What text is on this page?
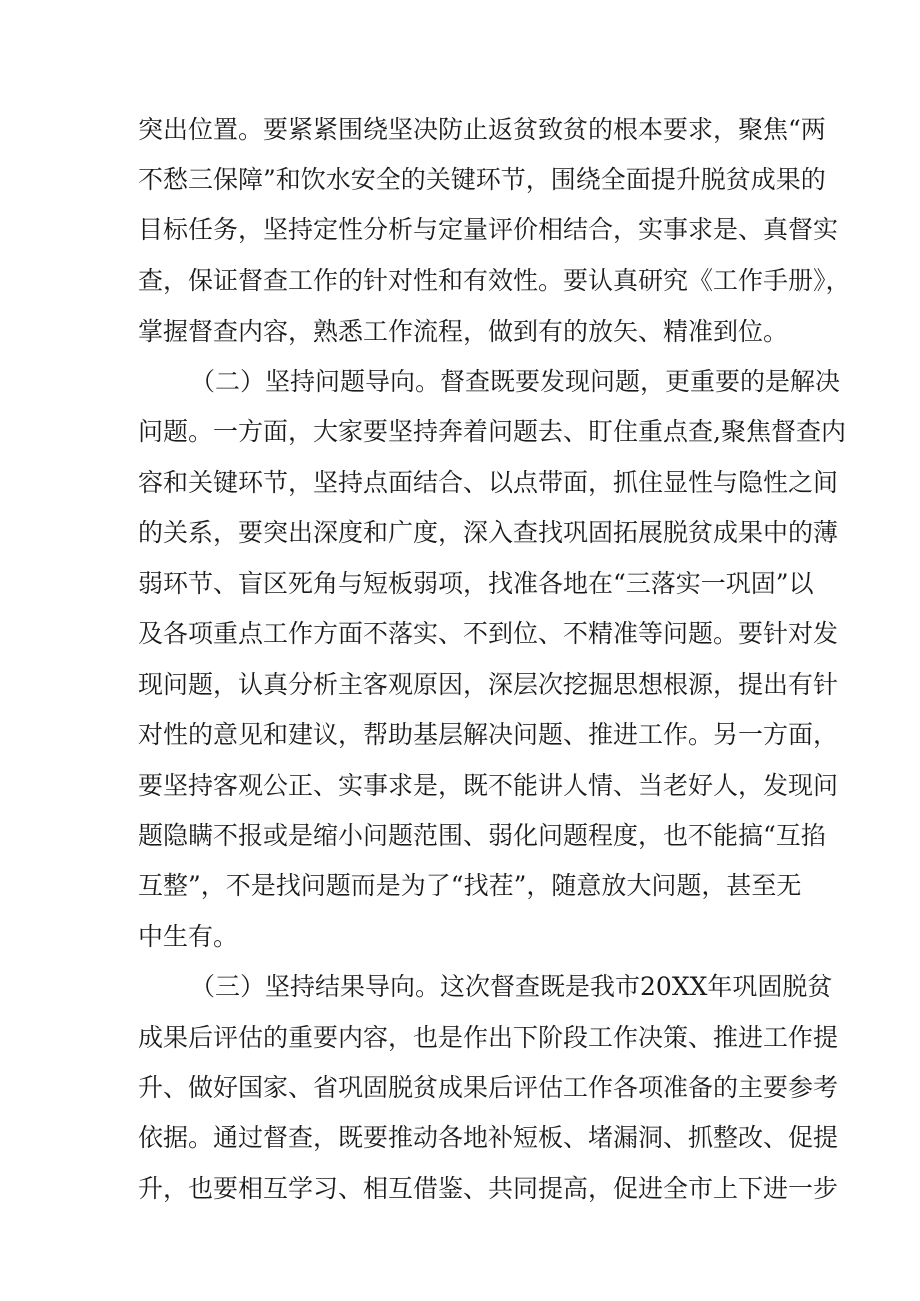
突出位置。要紧紧围绕坚决防止返贫致贫的根本要求，聚焦“两
不愁三保障”和饮水安全的关键环节，围绕全面提升脱贫成果的
目标任务，坚持定性分析与定量评价相结合，实事求是、真督实
查，保证督查工作的针对性和有效性。要认真研究《工作手册》，
掌握督查内容，熟悉工作流程，做到有的放矢、精准到位。
（二）坚持问题导向。督查既要发现问题，更重要的是解决
问题。一方面，大家要坚持奔着问题去、盯住重点查,聚焦督查内
容和关键环节，坚持点面结合、以点带面，抓住显性与隐性之间
的关系，要突出深度和广度，深入查找巩固拓展脱贫成果中的薄
弱环节、盲区死角与短板弱项，找准各地在“三落实一巩固”以
及各项重点工作方面不落实、不到位、不精准等问题。要针对发
现问题，认真分析主客观原因，深层次挖掘思想根源，提出有针
对性的意见和建议，帮助基层解决问题、推进工作。另一方面，
要坚持客观公正、实事求是，既不能讲人情、当老好人，发现问
题隐瞒不报或是缩小问题范围、弱化问题程度，也不能搞“互掐
互整”，不是找问题而是为了“找茬”，随意放大问题，甚至无
中生有。
（三）坚持结果导向。这次督查既是我市20XX年巩固脱贫
成果后评估的重要内容，也是作出下阶段工作决策、推进工作提
升、做好国家、省巩固脱贫成果后评估工作各项准备的主要参考
依据。通过督查，既要推动各地补短板、堵漏洞、抓整改、促提
升，也要相互学习、相互借鉴、共同提高，促进全市上下进一步
